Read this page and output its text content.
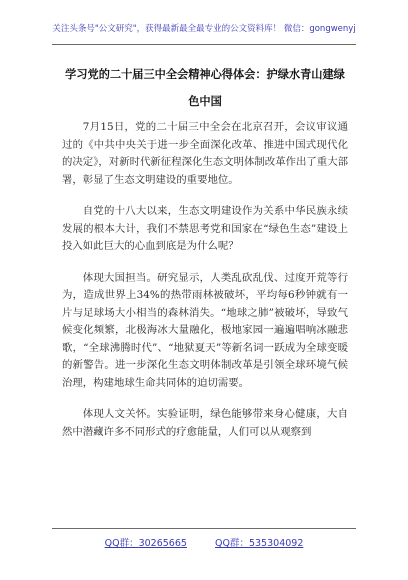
关注头条号"公文研究"，获得最新最全最专业的公文资料库！ 微信：gongwenyj
学习党的二十届三中全会精神心得体会：护绿水青山建绿色中国

7月15日，党的二十届三中全会在北京召开，会议审议通过的《中共中央关于进一步全面深化改革、推进中国式现代化的决定》，对新时代新征程深化生态文明体制改革作出了重大部署，彰显了生态文明建设的重要地位。

自党的十八大以来，生态文明建设作为关系中华民族永续发展的根本大计，我们不禁思考党和国家在“绿色生态”建设上投入如此巨大的心血到底是为什么呢？

体现大国担当。研究显示，人类乱砍乱伐、过度开荒等行为，造成世界上34%的热带雨林被破坏，平均每6秒钟就有一片与足球场大小相当的森林消失。“地球之肺”被破坏，导致气候变化频繁，北极海冰大量融化，极地家园一遍遍唱响冰融悲歌，“全球沸腾时代”、“地狱夏天”等新名词一跃成为全球变暖的新警告。进一步深化生态文明体制改革是引领全球环境气候治理，构建地球生命共同体的迫切需要。

体现人文关怀。实验证明，绿色能够带来身心健康，大自然中潜藏许多不同形式的疗愈能量，人们可以从观察到

QQ群：30265665	QQ群：535304092
